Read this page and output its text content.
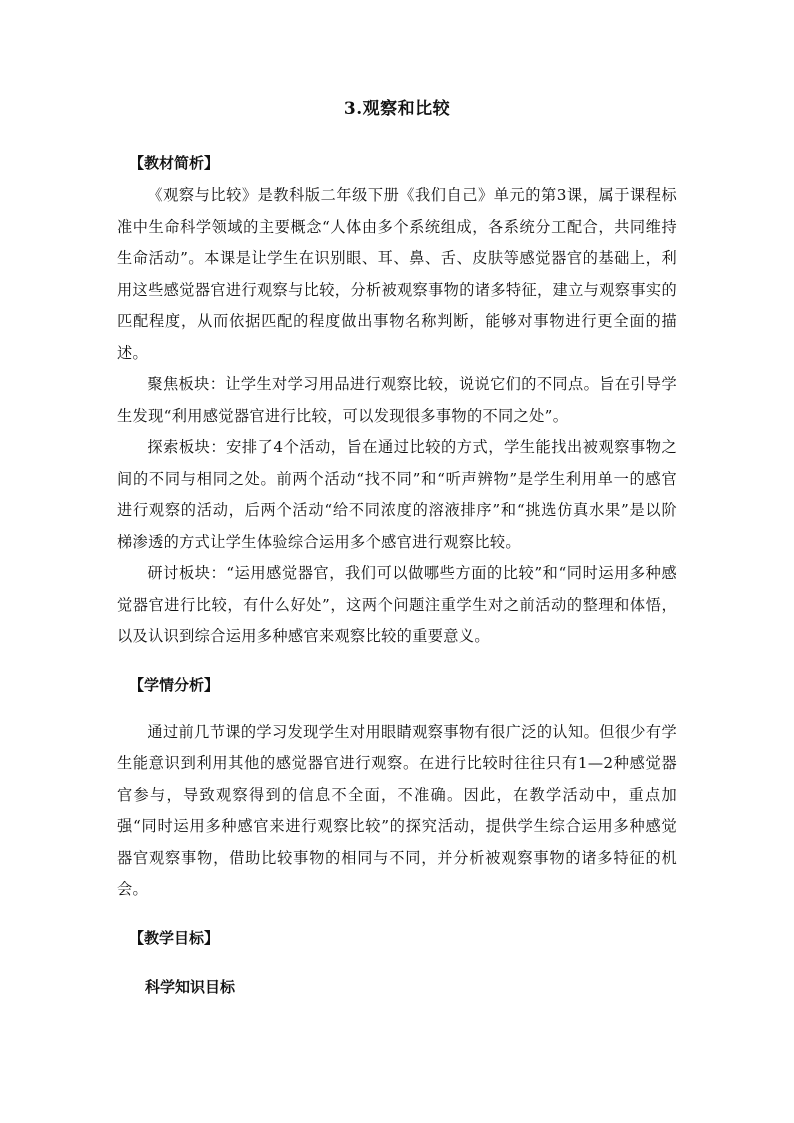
3.观察和比较
【教材简析】

《观察与比较》是教科版二年级下册《我们自己》单元的第3课，属于课程标准中生命科学领域的主要概念“人体由多个系统组成，各系统分工配合，共同维持生命活动”。本课是让学生在识别眼、耳、鼻、舌、皮肤等感觉器官的基础上，利用这些感觉器官进行观察与比较，分析被观察事物的诸多特征，建立与观察事实的匹配程度，从而依据匹配的程度做出事物名称判断，能够对事物进行更全面的描述。

聚焦板块：让学生对学习用品进行观察比较，说说它们的不同点。旨在引导学生发现“利用感觉器官进行比较，可以发现很多事物的不同之处”。

探索板块：安排了4个活动，旨在通过比较的方式，学生能找出被观察事物之间的不同与相同之处。前两个活动“找不同”和“听声辨物”是学生利用单一的感官进行观察的活动，后两个活动“给不同浓度的溶液排序”和“挑选仿真水果”是以阶梯渗透的方式让学生体验综合运用多个感官进行观察比较。

研讨板块：“运用感觉器官，我们可以做哪些方面的比较”和“同时运用多种感觉器官进行比较，有什么好处”，这两个问题注重学生对之前活动的整理和体悟，以及认识到综合运用多种感官来观察比较的重要意义。

【学情分析】

通过前几节课的学习发现学生对用眼睛观察事物有很广泛的认知。但很少有学生能意识到利用其他的感觉器官进行观察。在进行比较时往往只有1—2种感觉器官参与，导致观察得到的信息不全面，不准确。因此，在教学活动中，重点加强“同时运用多种感官来进行观察比较”的探究活动，提供学生综合运用多种感觉器官观察事物，借助比较事物的相同与不同，并分析被观察事物的诸多特征的机会。

【教学目标】
科学知识目标
